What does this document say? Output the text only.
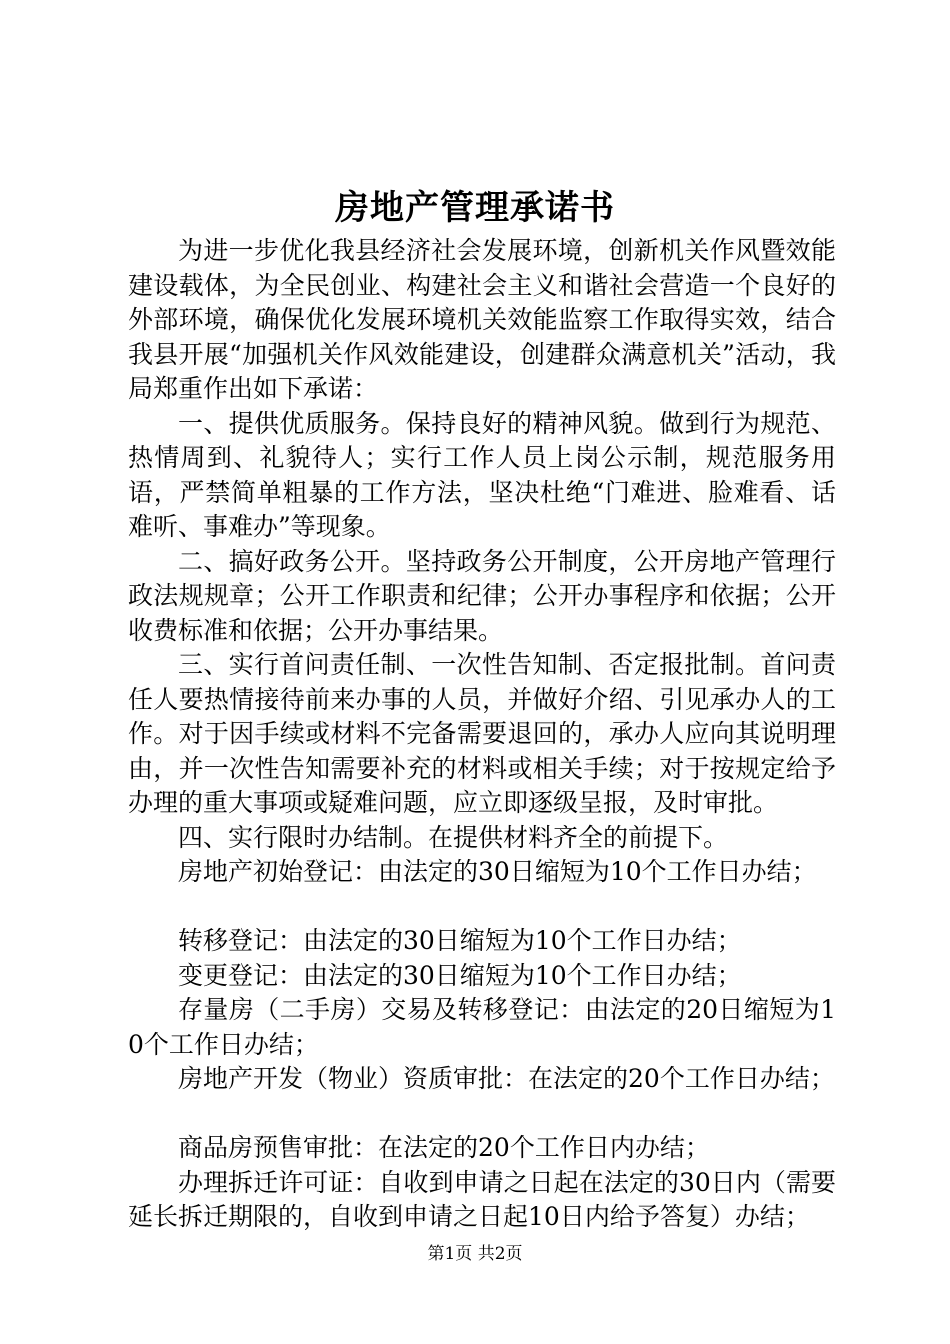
房地产管理承诺书

为进一步优化我县经济社会发展环境，创新机关作风暨效能建设载体，为全民创业、构建社会主义和谐社会营造一个良好的外部环境，确保优化发展环境机关效能监察工作取得实效，结合我县开展“加强机关作风效能建设，创建群众满意机关”活动，我局郑重作出如下承诺：

一、提供优质服务。保持良好的精神风貌。做到行为规范、热情周到、礼貌待人；实行工作人员上岗公示制，规范服务用语，严禁简单粗暴的工作方法，坚决杜绝“门难进、脸难看、话难听、事难办”等现象。

二、搞好政务公开。坚持政务公开制度，公开房地产管理行政法规规章；公开工作职责和纪律；公开办事程序和依据；公开收费标准和依据；公开办事结果。

三、实行首问责任制、一次性告知制、否定报批制。首问责任人要热情接待前来办事的人员，并做好介绍、引见承办人的工作。对于因手续或材料不完备需要退回的，承办人应向其说明理由，并一次性告知需要补充的材料或相关手续；对于按规定给予办理的重大事项或疑难问题，应立即逐级呈报，及时审批。

四、实行限时办结制。在提供材料齐全的前提下。

房地产初始登记：由法定的30日缩短为10个工作日办结；

转移登记：由法定的30日缩短为10个工作日办结；

变更登记：由法定的30日缩短为10个工作日办结；

存量房（二手房）交易及转移登记：由法定的20日缩短为10个工作日办结；

房地产开发（物业）资质审批：在法定的20个工作日办结；

商品房预售审批：在法定的20个工作日内办结；

办理拆迁许可证：自收到申请之日起在法定的30日内（需要延长拆迁期限的，自收到申请之日起10日内给予答复）办结；

第1页 共2页
